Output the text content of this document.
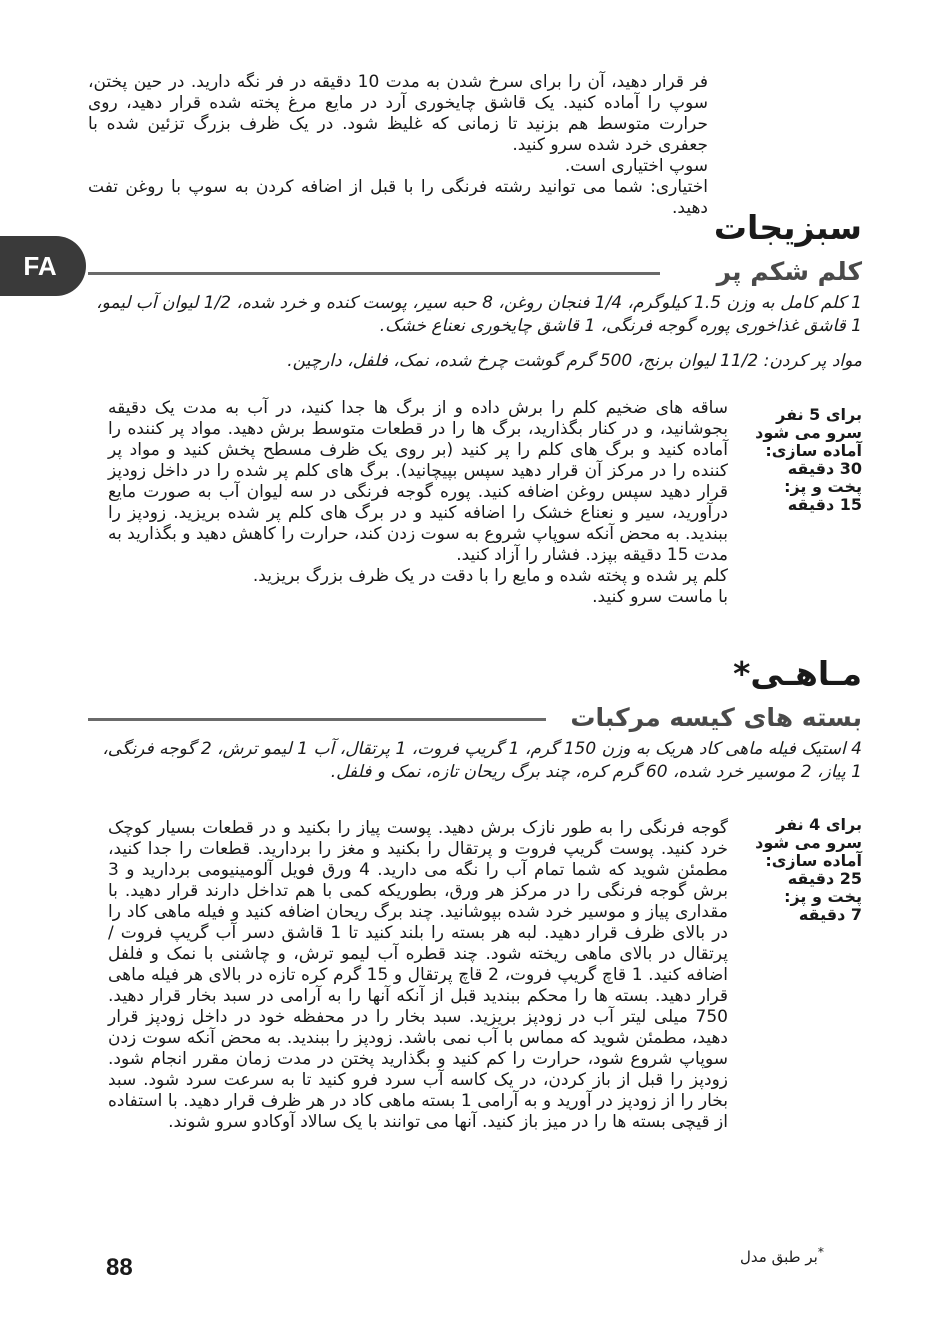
فر قرار دهید، آن را برای سرخ شدن به مدت 10 دقیقه در فر نگه دارید. در حین پختن، سوپ را آماده کنید. یک قاشق چایخوری آرد در مایع مرغ پخته شده قرار دهید، روی حرارت متوسط هم بزنید تا زمانی که غلیظ شود. در یک ظرف بزرگ تزئین شده با جعفری خرد شده سرو کنید.

سوپ اختیاری است.

اختیاری: شما می توانید رشته فرنگی را با قبل از اضافه کردن به سوپ با روغن تفت دهید.

FA
سبزیجات
کلم شکم پر
1 کلم کامل به وزن 1.5 کیلوگرم، 1/4 فنجان روغن، 8 حبه سیر، پوست کنده و خرد شده، 1/2 لیوان آب لیمو، 1 قاشق غذاخوری پوره گوجه فرنگی، 1 قاشق چایخوری نعناع خشک.
مواد پر کردن: 11/2 لیوان برنج، 500 گرم گوشت چرخ شده، نمک، فلفل، دارچین.
برای 5 نفر
سرو می شود
آماده سازی:
30 دقیقه
پخت و پز:
15 دقیقه

ساقه های ضخیم کلم را برش داده و از برگ ها جدا کنید، در آب به مدت یک دقیقه بجوشانید، و در کنار بگذارید، برگ ها را در قطعات متوسط برش دهید. مواد پر کننده را آماده کنید و برگ های کلم را پر کنید (بر روی یک ظرف مسطح پخش کنید و مواد پر کننده را در مرکز آن قرار دهید سپس بپیچانید). برگ های کلم پر شده را در داخل زودپز قرار دهید سپس روغن اضافه کنید. پوره گوجه فرنگی در سه لیوان آب به صورت مایع درآورید، سیر و نعناع خشک را اضافه کنید و در برگ های کلم پر شده بریزید. زودپز را ببندید. به محض آنکه سوپاپ شروع به سوت زدن کند، حرارت را کاهش دهید و بگذارید به مدت 15 دقیقه بپزد. فشار را آزاد کنید.

کلم پر شده و پخته شده و مایع را با دقت در یک ظرف بزرگ بریزید.

با ماست سرو کنید.

مـاهـی*
بسته های کیسه مرکبات
4 استیک فیله ماهی کاد هریک به وزن 150 گرم، 1 گریپ فروت، 1 پرتقال، آب 1 لیمو ترش، 2 گوجه فرنگی، 1 پیاز، 2 موسیر خرد شده، 60 گرم کره، چند برگ ریحان تازه، نمک و فلفل.
برای 4 نفر
سرو می شود
آماده سازی:
25 دقیقه
پخت و پز:
7 دقیقه
گوجه فرنگی را به طور نازک برش دهید. پوست پیاز را بکنید و در قطعات بسیار کوچک خرد کنید. پوست گریپ فروت و پرتقال را بکنید و مغز را بردارید. قطعات را جدا کنید، مطمئن شوید که شما تمام آب را نگه می دارید. 4 ورق فویل آلومینیومی بردارید و 3 برش گوجه فرنگی را در مرکز هر ورق، بطوریکه کمی با هم تداخل دارند قرار دهید. با مقداری پیاز و موسیر خرد شده بپوشانید. چند برگ ریحان اضافه کنید و فیله ماهی کاد را در بالای ظرف قرار دهید. لبه هر بسته را بلند کنید تا 1 قاشق دسر آب گریپ فروت / پرتقال در بالای ماهی ریخته شود. چند قطره آب لیمو ترش، و چاشنی با نمک و فلفل اضافه کنید. 1 قاچ گریپ فروت، 2 قاچ پرتقال و 15 گرم کره تازه در بالای هر فیله ماهی قرار دهید. بسته ها را محکم ببندید قبل از آنکه آنها را به آرامی در سبد بخار قرار دهید. 750 میلی لیتر آب در زودپز بریزید. سبد بخار را در محفظه خود در داخل زودپز قرار دهید، مطمئن شوید که مماس با آب نمی باشد. زودپز را ببندید. به محض آنکه سوت زدن سوپاپ شروع شود، حرارت را کم کنید و بگذارید پختن در مدت زمان مقرر انجام شود. زودپز را قبل از باز کردن، در یک کاسه آب سرد فرو کنید تا به سرعت سرد شود. سبد بخار را از زودپز در آورید و به آرامی 1 بسته ماهی کاد در هر ظرف قرار دهید. با استفاده از قیچی بسته ها را در میز باز کنید. آنها می توانند با یک سالاد آوکادو سرو شوند.
88
*بر طبق مدل
